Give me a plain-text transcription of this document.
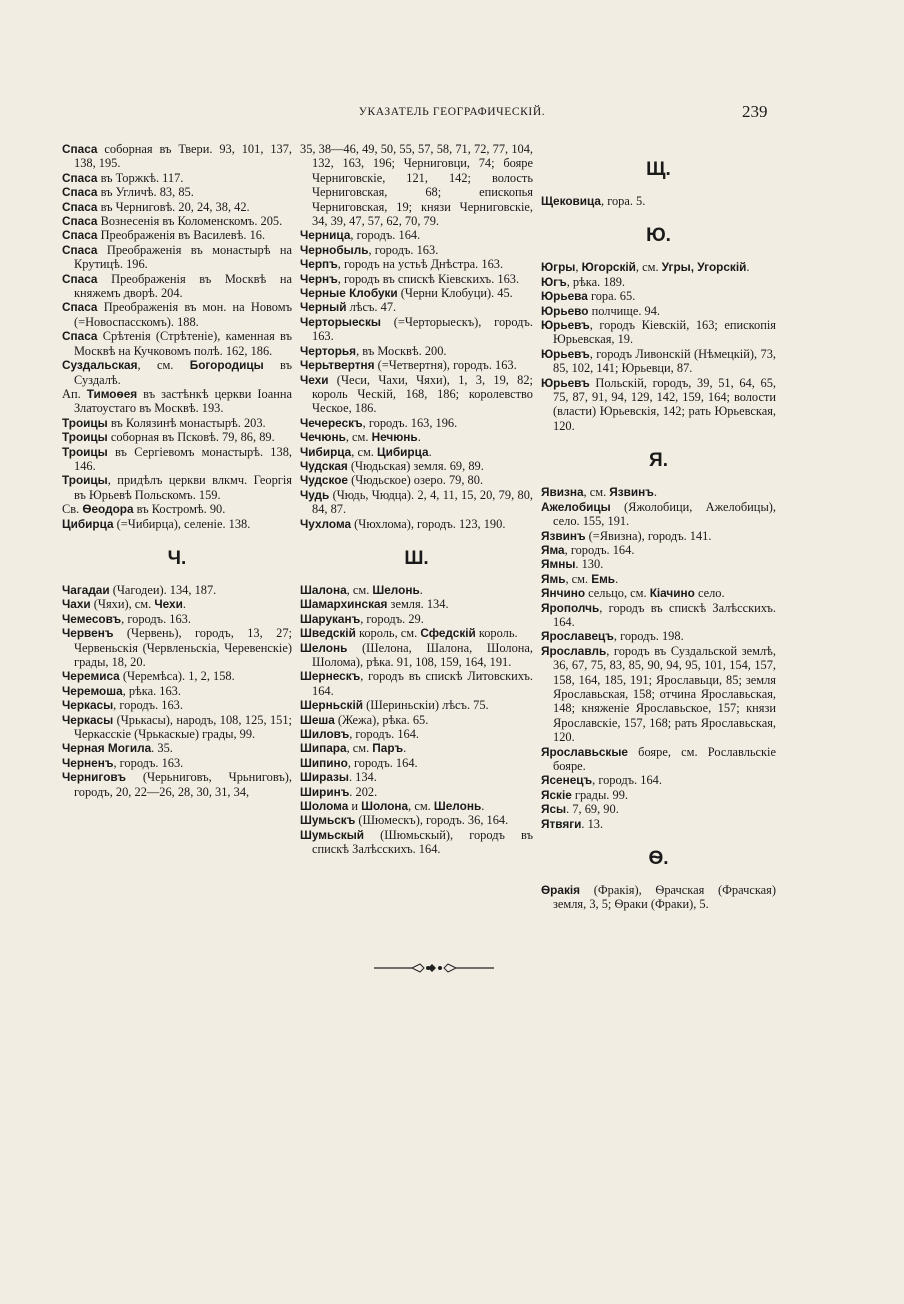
УКАЗАТЕЛЬ ГЕОГРАФИЧЕСКІЙ.	239

Спаса соборная въ Твери. 93, 101, 137, 138, 195.

Спаса въ Торжкѣ. 117.

Спаса въ Угличѣ. 83, 85.

Спаса въ Черниговѣ. 20, 24, 38, 42.

Спаса Вознесенія въ Коломенскомъ. 205.

Спаса Преображенія въ Василевѣ. 16.

Спаса Преображенія въ монастырѣ на Крутицѣ. 196.

Спаса Преображенія въ Москвѣ на княжемъ дворѣ. 204.

Спаса Преображенія въ мон. на Новомъ (=Новоспасскомъ). 188.

Спаса Срѣтенія (Стрѣтеніе), каменная въ Москвѣ на Кучковомъ полѣ. 162, 186.

Суздальская, см. Богородицы въ Суздалѣ.

Ап. Тимоѳея въ застѣнкѣ церкви Іоанна Златоустаго въ Москвѣ. 193.

Троицы въ Колязинѣ монастырѣ. 203.

Троицы соборная въ Псковѣ. 79, 86, 89.

Троицы въ Сергіевомъ монастырѣ. 138, 146.

Троицы, придѣлъ церкви влкмч. Георгія въ Юрьевѣ Польскомъ. 159.

Св. Ѳеодора въ Костромѣ. 90.

Цибирца (=Чибирца), селеніе. 138.

Ч.

Чагадаи (Чагодеи). 134, 187.

Чахи (Чяхи), см. Чехи.

Чемесовъ, городъ. 163.

Червенъ (Червень), городъ, 13, 27; Червеньскія (Червленьскіа, Черевенскіе) грады, 18, 20.

Черемиса (Черемѣса). 1, 2, 158.

Черемоша, рѣка. 163.

Черкасы, городъ. 163.

Черкасы (Чрькасы), народъ, 108, 125, 151; Черкасскіе (Чрькаскые) грады, 99.

Черная Могила. 35.

Черненъ, городъ. 163.

Черниговъ (Черьниговъ, Чрьниговъ), городъ, 20, 22—26, 28, 30, 31, 34,

35, 38—46, 49, 50, 55, 57, 58, 71, 72, 77, 104, 132, 163, 196; Черниговци, 74; бояре Черниговскіе, 121, 142; волость Черниговская, 68; епископья Черниговская, 19; князи Черниговскіе, 34, 39, 47, 57, 62, 70, 79.

Черница, городъ. 164.

Чернобыль, городъ. 163.

Черпъ, городъ на устьѣ Днѣстра. 163.

Чернъ, городъ въ спискѣ Кіевскихъ. 163.

Черные Клобуки (Черни Клобуци). 45.

Черный лѣсъ. 47.

Черторыескы (=Черторыескъ), городъ. 163.

Черторья, въ Москвѣ. 200.

Черьтвертня (=Четвертня), городъ. 163.

Чехи (Чеси, Чахи, Чяхи), 1, 3, 19, 82; король Ческій, 168, 186; королевство Ческое, 186.

Чечерескъ, городъ. 163, 196.

Чечюнь, см. Нечюнь.

Чибирца, см. Цибирца.

Чудская (Чюдьская) земля. 69, 89.

Чудское (Чюдьское) озеро. 79, 80.

Чудь (Чюдь, Чюдца). 2, 4, 11, 15, 20, 79, 80, 84, 87.

Чухлома (Чюхлома), городъ. 123, 190.

Ш.

Шалона, см. Шелонь.

Шамархинская земля. 134.

Шаруканъ, городъ. 29.

Шведскій король, см. Сфедскій король.

Шелонь (Шелона, Шалона, Шолона, Шолома), рѣка. 91, 108, 159, 164, 191.

Шернескъ, городъ въ спискѣ Литовскихъ. 164.

Шерньскій (Шериньскіи) лѣсъ. 75.

Шеша (Жежа), рѣка. 65.

Шиловъ, городъ. 164.

Шипара, см. Паръ.

Шипино, городъ. 164.

Ширазы. 134.

Ширинъ. 202.

Шолома и Шолона, см. Шелонь.

Шумьскъ (Шюмескъ), городъ. 36, 164.

Шумьскый (Шюмьскый), городъ въ спискѣ Залѣсскихъ. 164.

Щ.

Щековица, гора. 5.

Ю.

Югры, Югорскій, см. Угры, Угорскій.

Югъ, рѣка. 189.

Юрьева гора. 65.

Юрьево полчище. 94.

Юрьевъ, городъ Кіевскій, 163; епископія Юрьевская, 19.

Юрьевъ, городъ Ливонскій (Нѣмецкій), 73, 85, 102, 141; Юрьевци, 87.

Юрьевъ Польскій, городъ, 39, 51, 64, 65, 75, 87, 91, 94, 129, 142, 159, 164; волости (власти) Юрьевскія, 142; рать Юрьевская, 120.

Я.

Явизна, см. Язвинъ.

Ажелобицы (Яжолобици, Ажелобицы), село. 155, 191.

Язвинъ (=Явизна), городъ. 141.

Яма, городъ. 164.

Ямны. 130.

Ямь, см. Емь.

Янчино сельцо, см. Кіачино село.

Ярополчь, городъ въ спискѣ Залѣсскихъ. 164.

Ярославецъ, городъ. 198.

Ярославль, городъ въ Суздальской землѣ, 36, 67, 75, 83, 85, 90, 94, 95, 101, 154, 157, 158, 164, 185, 191; Ярославьци, 85; земля Ярославьская, 158; отчина Ярославьская, 148; княженіе Ярославьское, 157; князи Ярославскіе, 157, 168; рать Ярославьская, 120.

Ярославьскые бояре, см. Рославльскіе бояре.

Ясенецъ, городъ. 164.

Яскіе грады. 99.

Ясы. 7, 69, 90.

Ятвяги. 13.

Ѳ.

Ѳракія (Фракія), Ѳрачская (Фрачская) земля, 3, 5; Ѳраки (Фраки), 5.
